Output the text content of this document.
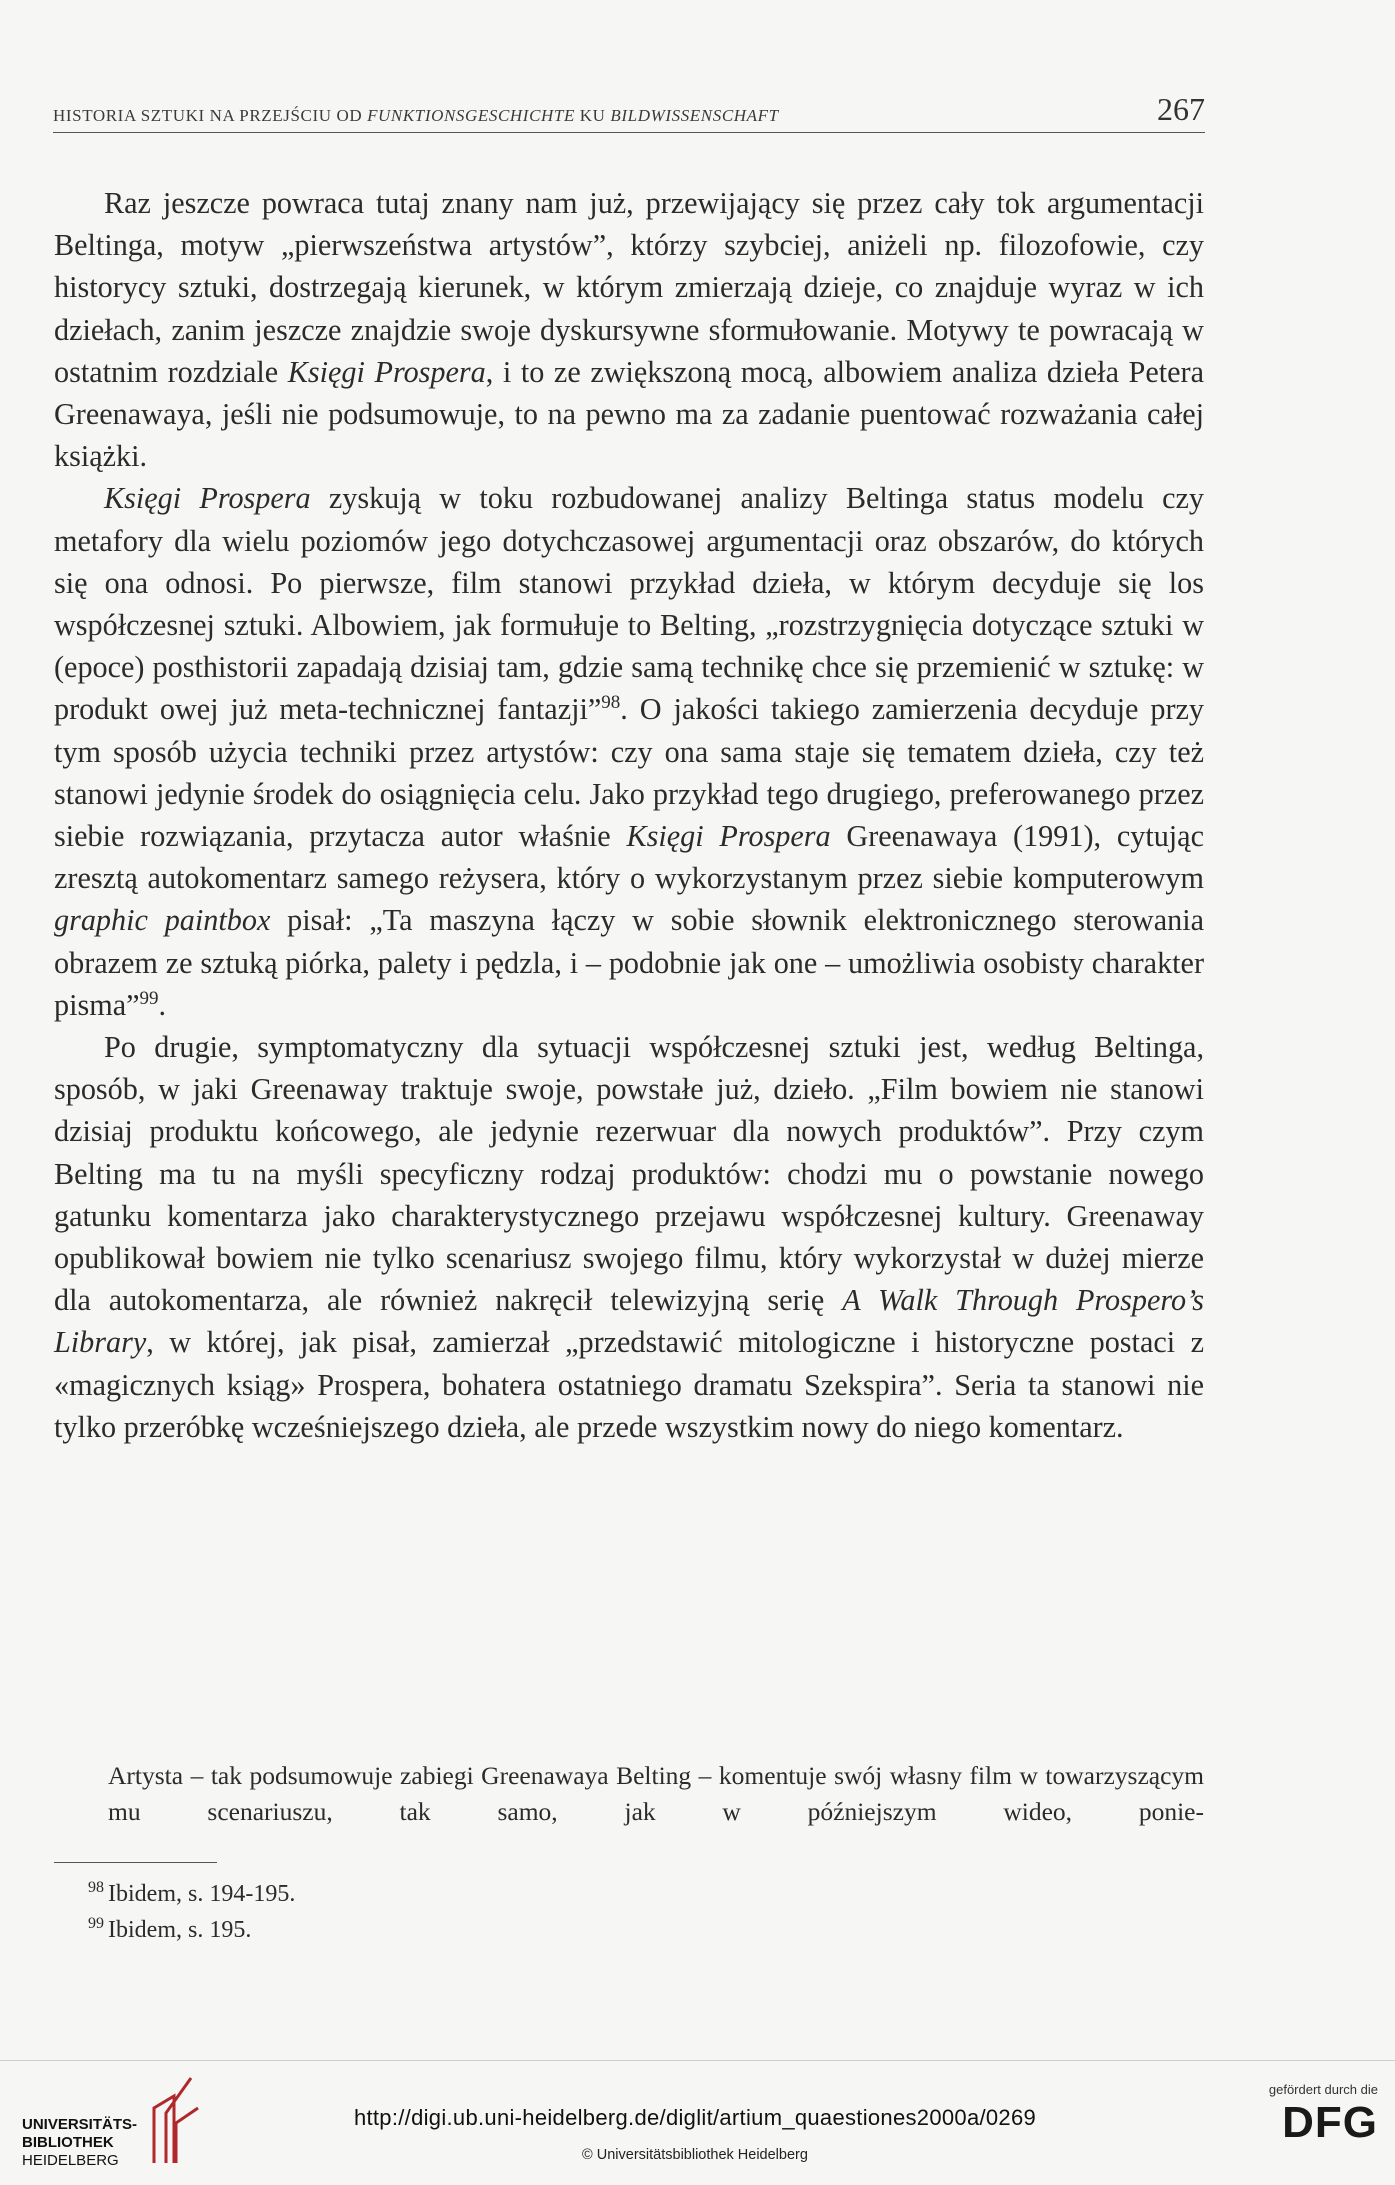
HISTORIA SZTUKI NA PRZEJŚCIU OD FUNKTIONSGESCHICHTE KU BILDWISSENSCHAFT	267

Raz jeszcze powraca tutaj znany nam już, przewijający się przez cały tok argumentacji Beltinga, motyw „pierwszeństwa artystów”, którzy szybciej, aniżeli np. filozofowie, czy historycy sztuki, dostrzegają kierunek, w którym zmierzają dzieje, co znajduje wyraz w ich dziełach, zanim jeszcze znajdzie swoje dyskursywne sformułowanie. Motywy te powracają w ostatnim rozdziale Księgi Prospera, i to ze zwiększoną mocą, albowiem analiza dzieła Petera Greenawaya, jeśli nie podsumowuje, to na pewno ma za zadanie puentować rozważania całej książki.

Księgi Prospera zyskują w toku rozbudowanej analizy Beltinga status modelu czy metafory dla wielu poziomów jego dotychczasowej argumentacji oraz obszarów, do których się ona odnosi. Po pierwsze, film stanowi przykład dzieła, w którym decyduje się los współczesnej sztuki. Albowiem, jak formułuje to Belting, „rozstrzygnięcia dotyczące sztuki w (epoce) posthistorii zapadają dzisiaj tam, gdzie samą technikę chce się przemienić w sztukę: w produkt owej już meta-technicznej fantazji”$^{98}$. O jakości takiego zamierzenia decyduje przy tym sposób użycia techniki przez artystów: czy ona sama staje się tematem dzieła, czy też stanowi jedynie środek do osiągnięcia celu. Jako przykład tego drugiego, preferowanego przez siebie rozwiązania, przytacza autor właśnie Księgi Prospera Greenawaya (1991), cytując zresztą autokomentarz samego reżysera, który o wykorzystanym przez siebie komputerowym graphic paintbox pisał: „Ta maszyna łączy w sobie słownik elektronicznego sterowania obrazem ze sztuką piórka, palety i pędzla, i – podobnie jak one – umożliwia osobisty charakter pisma”$^{99}$.

Po drugie, symptomatyczny dla sytuacji współczesnej sztuki jest, według Beltinga, sposób, w jaki Greenaway traktuje swoje, powstałe już, dzieło. „Film bowiem nie stanowi dzisiaj produktu końcowego, ale jedynie rezerwuar dla nowych produktów”. Przy czym Belting ma tu na myśli specyficzny rodzaj produktów: chodzi mu o powstanie nowego gatunku komentarza jako charakterystycznego przejawu współczesnej kultury. Greenaway opublikował bowiem nie tylko scenariusz swojego filmu, który wykorzystał w dużej mierze dla autokomentarza, ale również nakręcił telewizyjną serię A Walk Through Prospero’s Library, w której, jak pisał, zamierzał „przedstawić mitologiczne i historyczne postaci z «magicznych ksiąg» Prospera, bohatera ostatniego dramatu Szekspira”. Seria ta stanowi nie tylko przeróbkę wcześniejszego dzieła, ale przede wszystkim nowy do niego komentarz.

Artysta – tak podsumowuje zabiegi Greenawaya Belting – komentuje swój własny film w towarzyszącym mu scenariuszu, tak samo, jak w późniejszym wideo, ponie-
$^{98}$ Ibidem, s. 194-195.
$^{99}$ Ibidem, s. 195.
UNIVERSITÄTS-
BIBLIOTHEK
HEIDELBERG
http://digi.ub.uni-heidelberg.de/diglit/artium_quaestiones2000a/0269
© Universitätsbibliothek Heidelberg
gefördert durch die
DFG
